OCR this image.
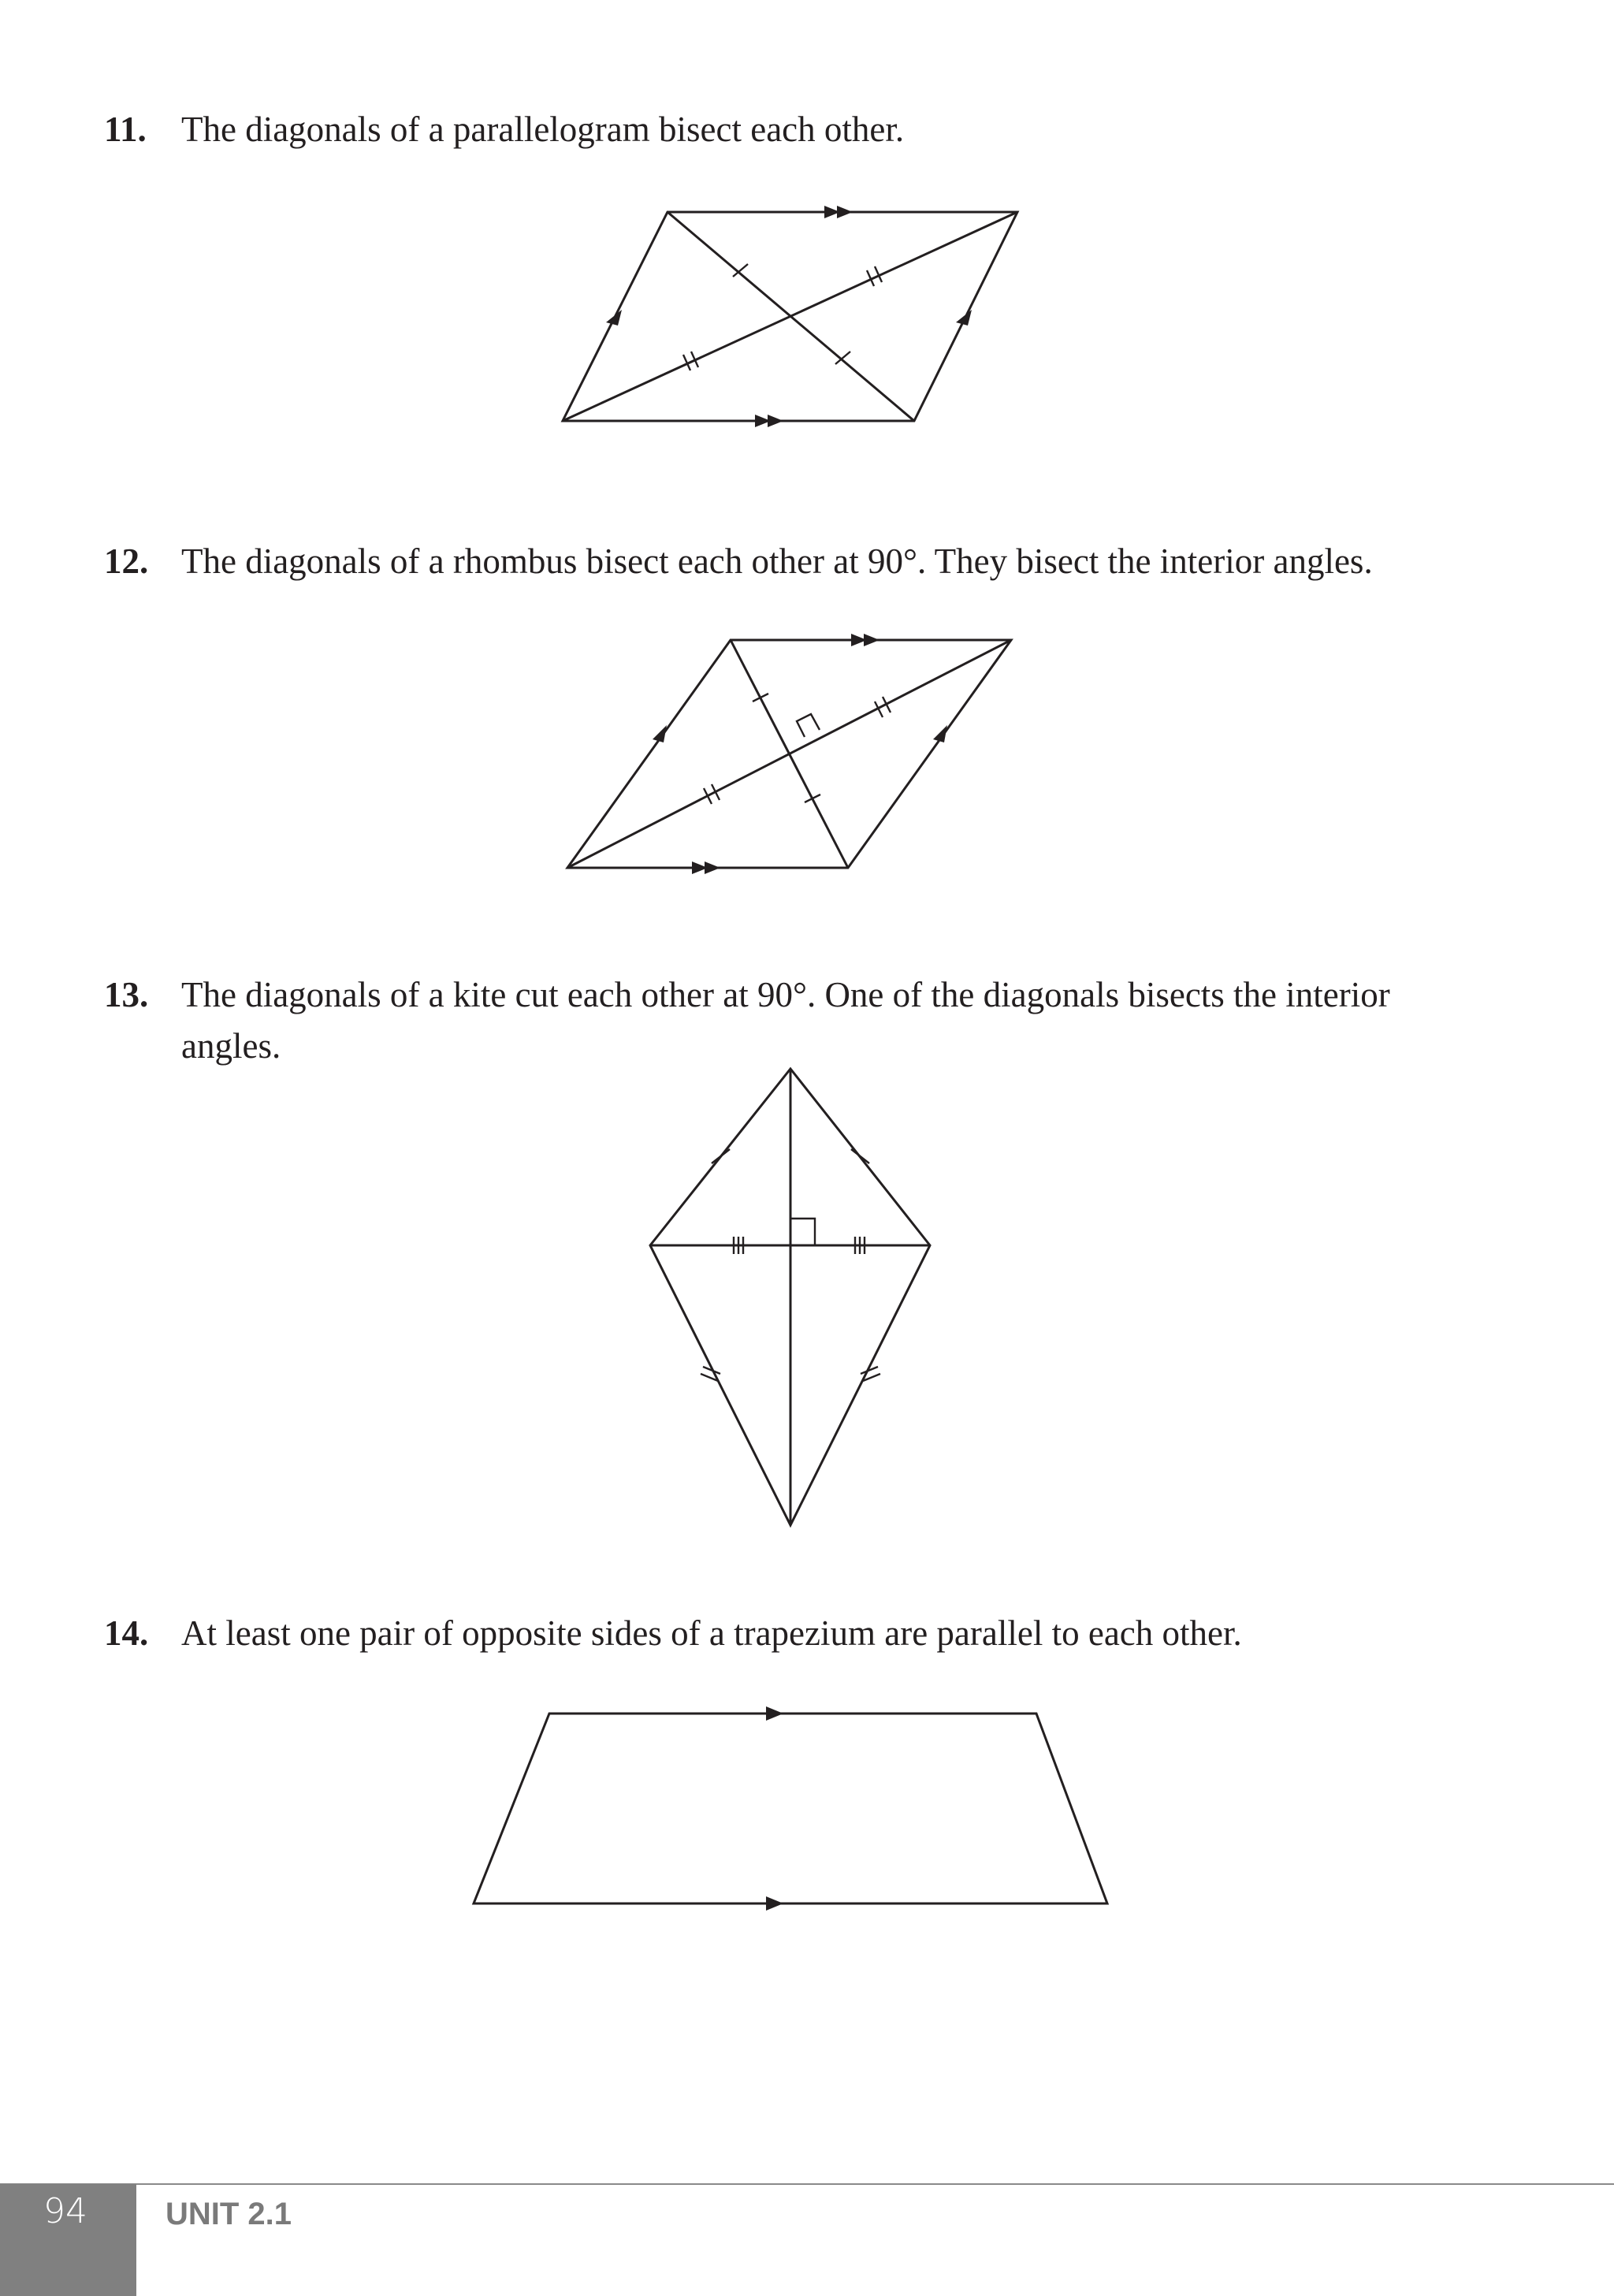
11. The diagonals of a parallelogram bisect each other.
12. The diagonals of a rhombus bisect each other at 90°. They bisect the interior angles.
13. The diagonals of a kite cut each other at 90°. One of the diagonals bisects the interior angles.
14. At least one pair of opposite sides of a trapezium are parallel to each other.
94	UNIT 2.1
